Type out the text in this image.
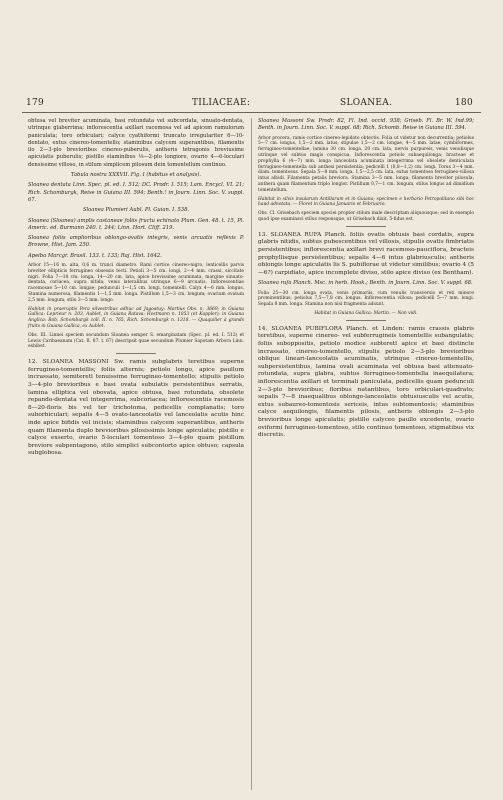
179	TILIACEAE:	SLOANEA.	180

obtusa vel breviter acuminata, basi rotundata vel subcordata, sinuato-dentata, utrinque glaberrima; inflorescentia axillari racemosa vel ad apicem ramulorum paniculata; toro orbiculari; calyce cyathiformi truncato irregulariter 6—10-dentato, extus cinereo-tomentello; staminibus calycem superantibus, filamentis ilo 2—3-plo brevioribus cinereo-puberulis, antheris tetragonis breviusime apiculatis puberulis; pistillo staminibus ⅓—2-plo longiore, ovario 4—6-loculari densissime villoso, in stilum simplicem pilosum dein tomentellum continuo.

Tabula nostra XXXVII. Fig. I (habitus et analysis).

Sloanea dentata Linn. Spec. pl. ed. I. 512; DC. Prodr. I. 515; Lam. Encycl. VI. 21; Rich. Schomburgk, Reise in Guiana III. 594; Benth.! in Journ. Linn. Soc. V. suppl. 67.

Sloanea Plumieri Aubl. Pl. Guian. I. 538.

Sloanea (Sloanea) amplis castaneae foliis fructu echinato Plum. Gen. 48. t. 15, Pl. Americ. ed. Burmann 240. t. 244; Linn. Hort. Cliff. 219.

Sloanea foliis amplioribus oblongo-ovatis integris, venis arcuatis reflexis P. Browne, Hist. Jam. 250.

Apeiba Marcgr. Brasil. 133. t. 133; Raj. Hist. 1642.

Arbor 15—16 m. alta, 0,6 m. trunci diametro. Rami cortice cinereo-nigro, lenticellis parvis breviter ellipticis ferrugineo obsessis tecti. Petioli 3—5 cm. longi, 2—4 mm. crassi, siccitate nigri. Folia 7—18 cm. longa, 14—20 cm. lata, apice brevissime acuminata, margine sinuato-dentata, coriacea, supra nitida, venis lateralibus utrinque 6—9 arcuatis. Inflorescentiae racemosae 5—10 cm. longae; pedunculi 1—1,5 cm. longi, tomentelli. Calyx 4—6 mm. longus. Stamina numerosa, filamentis 1—1,5 mm. longa. Pistillum 1,5—3 cm. longum; ovarium ovatum 2,5 mm. longum, stilo 3—5 mm. longo.

Habitat in praeruptis Pera silvestribus adhuc ad Jagoatuy: Martius Obs. n. 3669; in Guiana Gallica: Leprieur n. 203, Aublet, in Guiana Batava: Hostmann n. 1053 (et Kappler); in Guiana Anglica: Rob. Schomburgk coll. II. n. 765, Rich. Schomburgk n. 1318. — Quaquilier à grands fruits in Guiana Gallica, ex Aublet.

Obs. III. Linnei speciem secundum Sloanea semper S. emarginatam (Spec. pl. ed. I. 512) et Lewis Caribaeanam (Cat. II. 87. t. 67) descripsit quae secundum Plumier Sapotam Arbora Linn. exhibet.

12. SLOANEA MASSONI Sw. ramis subglabris teretibus superne ferrugineo-tomentellis; foliis alternis; petiolo longo, apice paullum incrassato, semiteretī tenuissime ferrugineo-tomentello; stipulis petiolo 3—4-plo brevioribus e basi ovata subulatis persistentibus serratis, lamina elliptica vel obovata, apice obtusa, basi rotundata, obsolete repando-dentata vel integerrima, subcoriacea; inflorescentiis racemosis 8—20-floris bis vel ter trichotoma, pedicellis complanatis; toro suborbiculari; sepalis 4—5 ovato-lanceolatis vel lanceolatis acutis hinc inde apice bifidis vel incisis; staminibus calycem superantibus, antheris quam filamenta duplo brevioribus pilosissimis longe apiculatis; pistillo e calyce exserto, ovario 5-loculari tomentoso 3—4-plo quam pistillum breviore subpentagono, stilo simplici subcontorto apice obtuso; capsula subglobosa.

Sloanea Massoni Sw. Prodr. 82, Fl. Ind. occid. 938; Griseb. Fl. Br. W. Ind.99; Benth. in Journ. Linn. Soc. V. suppl. 68; Rich. Schomb. Reise in Guiana III. 594.

Arbor procera, ramis cortice cinereo-lepidoto obtectis. Folia ut videtur non decurrentia; petiolus 5—7 cm. longus, 1,5—2 mm. latus; stipulae 1,5—2 cm. longae, 4—5 mm. latae, cymbiformes, ferrugineo-tomentellae, lamina 30 cm. longa, 20 cm. lata, nervis purpureis, venis venulisque utrinque vel subtus magis conspicua. Inflorescentia petiolo subaequilonga; bracteae et prophylla 6 (4—7) mm. longa lanceolata acuminata integerrima vel obsolete denticulata ferrugineo-tomentella sub anthesi persistentia; pedicelli 1 (0,8—1,2) cm. longi. Torus 3—4 mm. diam. tomentosus. Sepala 5—8 mm. longa, 1,5—2,5 cm. lata, extus tomentoso ferrugineo-villosa intus albidi. Filamenta petalis breviora. Stamina 3—5 mm. longa; filamenta breviter pilosula; anthera quam filamentum triplo longior. Pistillum 0,7—1 cm. longum, stilus longus ad dimidium tomentellum.

Habitat in silvis insularum Antillarum et in Guiana; specimen e herbario Petropolitano sibi hoc haud adnotata. — Floret in Guiana Januario et Februario.

Obs. Cl. Grisebach speciem speciei propter stilum male descriptam aliquousque; sed in exemplo quod ipse examinavi stilus responsque, ut Grisebach dixit, 5-fidus est.

13. SLOANEA RUFA Planch. foliis ovatis obtusis basi cordatis, supra glabris nitidis, subtus pubescentibus vel villosis, stipulis ovatis fimbriatis persistentibus; inflorescentia axillari brevi racemoso-pauciflora, bracteis prophyllisque persistentibus; sepalis 4—6 intus glabriusculis; antheris oblongis longe apiculatis lis S. pubiflorae ut videtur similibus; ovario 4 (5—6?) carpidiato, apice incomplete diviso, stilo apice diviso (ex Bentham).

Sloanea rufa Planch. Msc. in herb. Hook.; Benth. in Journ. Linn. Soc. V. suppl. 68.

Folia 25—30 cm. longa ovata, venis primariis, cum venulis transversis et reti minore prominentibus; petiolus 7,5—7,8 cm. longus. Inflorescentia villosa; pedicelli 5—7 mm. longi. Sepala 8 mm. longa. Stamina non nisi fragmenta adsunt.

Habitat in Guiana Gallica: Martin. — Non vidi.

14. SLOANEA PUBIFLORA Planch. et Linden: ramis crassis glabris teretibus, superne cinereo- vel subferrugineis tomentellis subangulatis; foliis suboppositis, petiolo modice subteretī apice et basi distincte incrassato, cinereo-tomentello, stipulis petiolo 2—3-plo brevioribus oblique lineari-lanceolatis acuminatis, utrinque cinereo-tomentellis, subpersistentibus, lamina ovali acuminata vel obtusa basi attenuato-rotundata, supra glabra, subtus ferrugineo-tomentella inaequilatera; inflorescentia axillari et terminali paniculata, pedicellis quam pedunculi 2—3-plo brevioribus; floribus nutantibus, toro orbiculari-quadrato; sepalis 7—8 inaequalibus oblongo-lanceolatis obtusiusculis vel acutis, extus subaureo-tomentosis sericeis, intus subtomentosis; staminibus calyce aequilongis, filamentis pilosis, antheris oblongis 2—3-plo brevioribus longe apiculatis; pistillo calyceo paullo excedente, ovario oviformi ferrugineo-tomentoso, stilo continuo tomentoso, stigmatibus vix discretis.
